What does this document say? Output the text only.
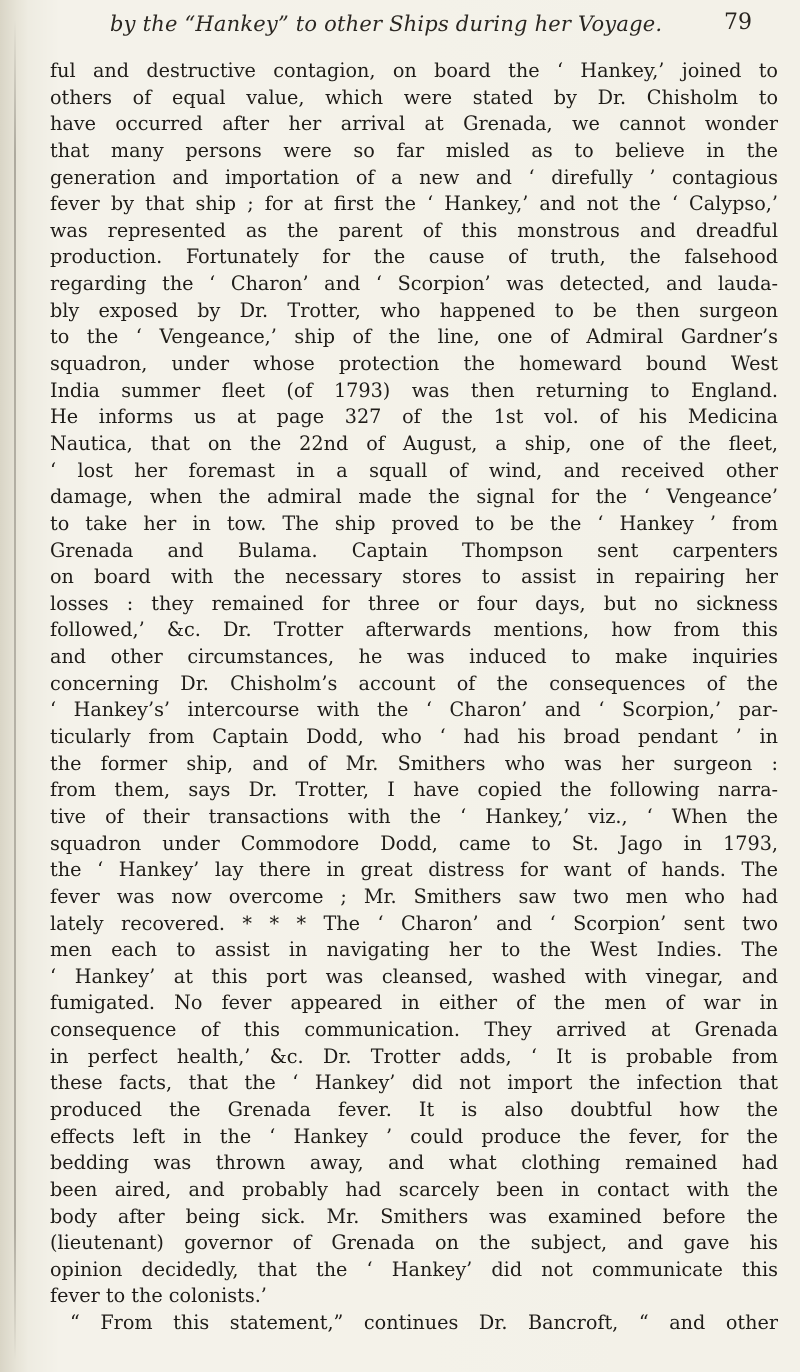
by the “Hankey” to other Ships during her Voyage.	79
ful and destructive contagion, on board the ‘ Hankey,’ joined to
others of equal value, which were stated by Dr. Chisholm to
have occurred after her arrival at Grenada, we cannot wonder
that many persons were so far misled as to believe in the
generation and importation of a new and ‘ direfully ’ contagious
fever by that ship ; for at first the ‘ Hankey,’ and not the ‘ Calypso,’
was represented as the parent of this monstrous and dreadful
production. Fortunately for the cause of truth, the falsehood
regarding the ‘ Charon’ and ‘ Scorpion’ was detected, and lauda-
bly exposed by Dr. Trotter, who happened to be then surgeon
to the ‘ Vengeance,’ ship of the line, one of Admiral Gardner’s
squadron, under whose protection the homeward bound West
India summer fleet (of 1793) was then returning to England.
He informs us at page 327 of the 1st vol. of his Medicina
Nautica, that on the 22nd of August, a ship, one of the fleet,
‘ lost her foremast in a squall of wind, and received other
damage, when the admiral made the signal for the ‘ Vengeance’
to take her in tow. The ship proved to be the ‘ Hankey ’ from
Grenada and Bulama. Captain Thompson sent carpenters
on board with the necessary stores to assist in repairing her
losses : they remained for three or four days, but no sickness
followed,’ &c. Dr. Trotter afterwards mentions, how from this
and other circumstances, he was induced to make inquiries
concerning Dr. Chisholm’s account of the consequences of the
‘ Hankey’s’ intercourse with the ‘ Charon’ and ‘ Scorpion,’ par-
ticularly from Captain Dodd, who ‘ had his broad pendant ’ in
the former ship, and of Mr. Smithers who was her surgeon :
from them, says Dr. Trotter, I have copied the following narra-
tive of their transactions with the ‘ Hankey,’ viz., ‘ When the
squadron under Commodore Dodd, came to St. Jago in 1793,
the ‘ Hankey’ lay there in great distress for want of hands. The
fever was now overcome ; Mr. Smithers saw two men who had
lately recovered. * * * The ‘ Charon’ and ‘ Scorpion’ sent two
men each to assist in navigating her to the West Indies. The
‘ Hankey’ at this port was cleansed, washed with vinegar, and
fumigated. No fever appeared in either of the men of war in
consequence of this communication. They arrived at Grenada
in perfect health,’ &c. Dr. Trotter adds, ‘ It is probable from
these facts, that the ‘ Hankey’ did not import the infection that
produced the Grenada fever. It is also doubtful how the
effects left in the ‘ Hankey ’ could produce the fever, for the
bedding was thrown away, and what clothing remained had
been aired, and probably had scarcely been in contact with the
body after being sick. Mr. Smithers was examined before the
(lieutenant) governor of Grenada on the subject, and gave his
opinion decidedly, that the ‘ Hankey’ did not communicate this
fever to the colonists.’
“ From this statement,” continues Dr. Bancroft, “ and other
